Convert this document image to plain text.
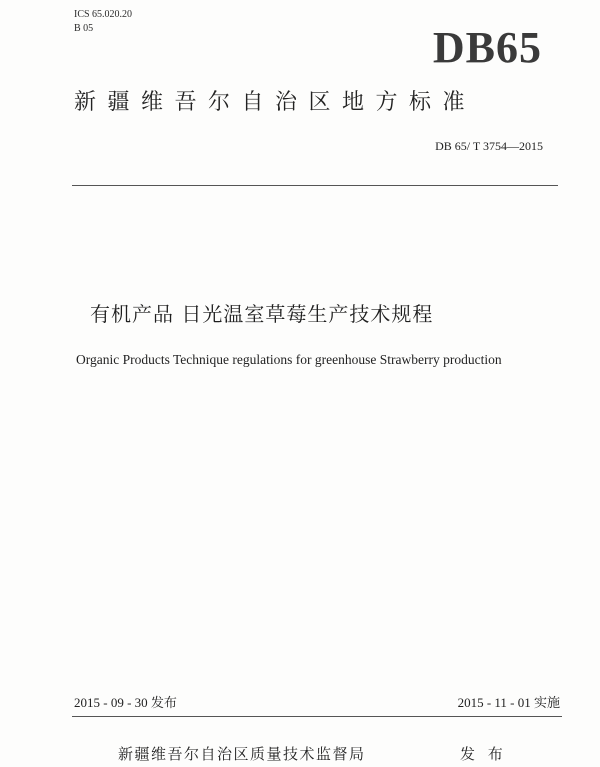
ICS 65.020.20
B 05	DB65
新疆维吾尔自治区地方标准
DB 65/ T 3754—2015
有机产品 日光温室草莓生产技术规程
Organic Products Technique regulations for greenhouse Strawberry production
2015 - 09 - 30 发布	2015 - 11 - 01 实施
新疆维吾尔自治区质量技术监督局	发 布
